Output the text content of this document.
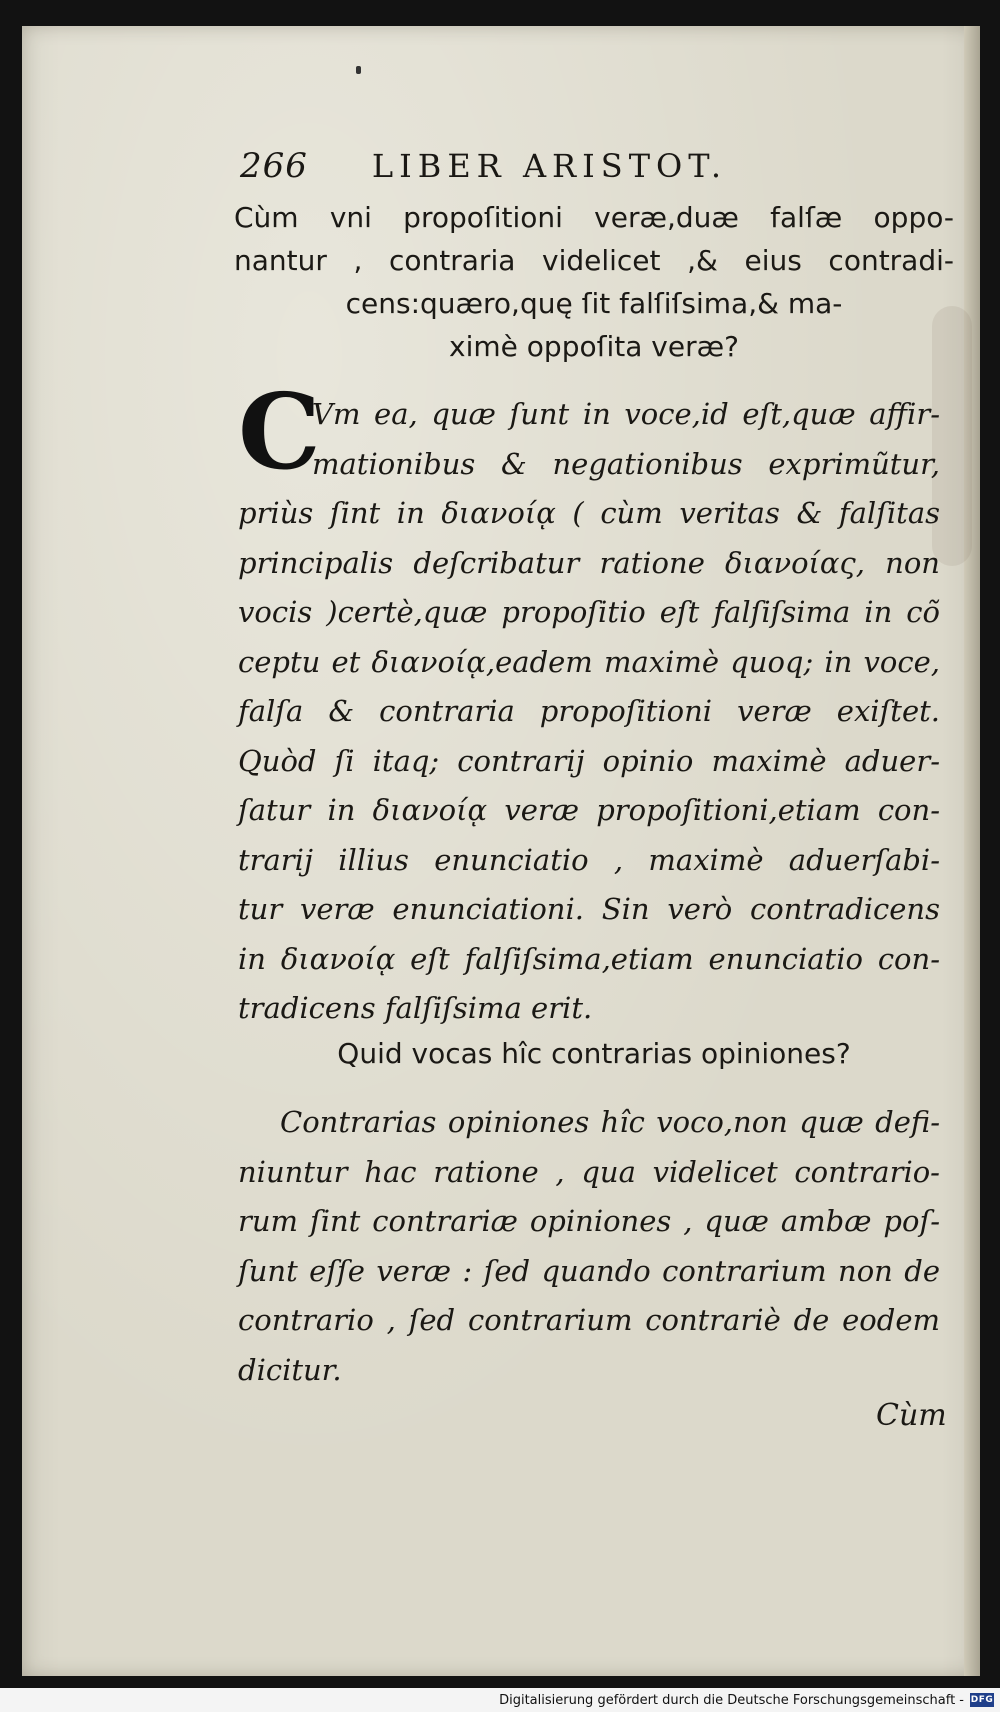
266 LIBER ARISTOT.
Cùm vni propoſitioni veræ,duæ falſæ oppo-
nantur , contraria videlicet ,& eius contradi-
cens:quæro,quę ſit falſiſsima,& ma-
ximè oppoſita veræ?
C
Vm ea, quæ ſunt in voce,id eſt,quæ affir-
mationibus & negationibus exprimũtur,
priùs ſint in διανοίᾳ ( cùm veritas & falſitas
principalis deſcribatur ratione διανοίας, non
vocis )certè,quæ propoſitio eſt falſiſsima in cõ
ceptu et διανοίᾳ,eadem maximè quoq; in voce,
falſa & contraria propoſitioni veræ exiſtet.
Quòd ſi itaq; contrarij opinio maximè aduer-
ſatur in διανοίᾳ veræ propoſitioni,etiam con-
trarij illius enunciatio , maximè aduerſabi-
tur veræ enunciationi. Sin verò contradicens
in διανοίᾳ eſt falſiſsima,etiam enunciatio con-
tradicens falſiſsima erit.
Quid vocas hîc contrarias opiniones?
Contrarias opiniones hîc voco,non quæ defi-
niuntur hac ratione , qua videlicet contrario-
rum ſint contrariæ opiniones , quæ ambæ poſ-
ſunt eſſe veræ : ſed quando contrarium non de
contrario , ſed contrarium contrariè de eodem
dicitur.
Cùm
Digitalisierung gefördert durch die Deutsche Forschungsgemeinschaft - DFG
